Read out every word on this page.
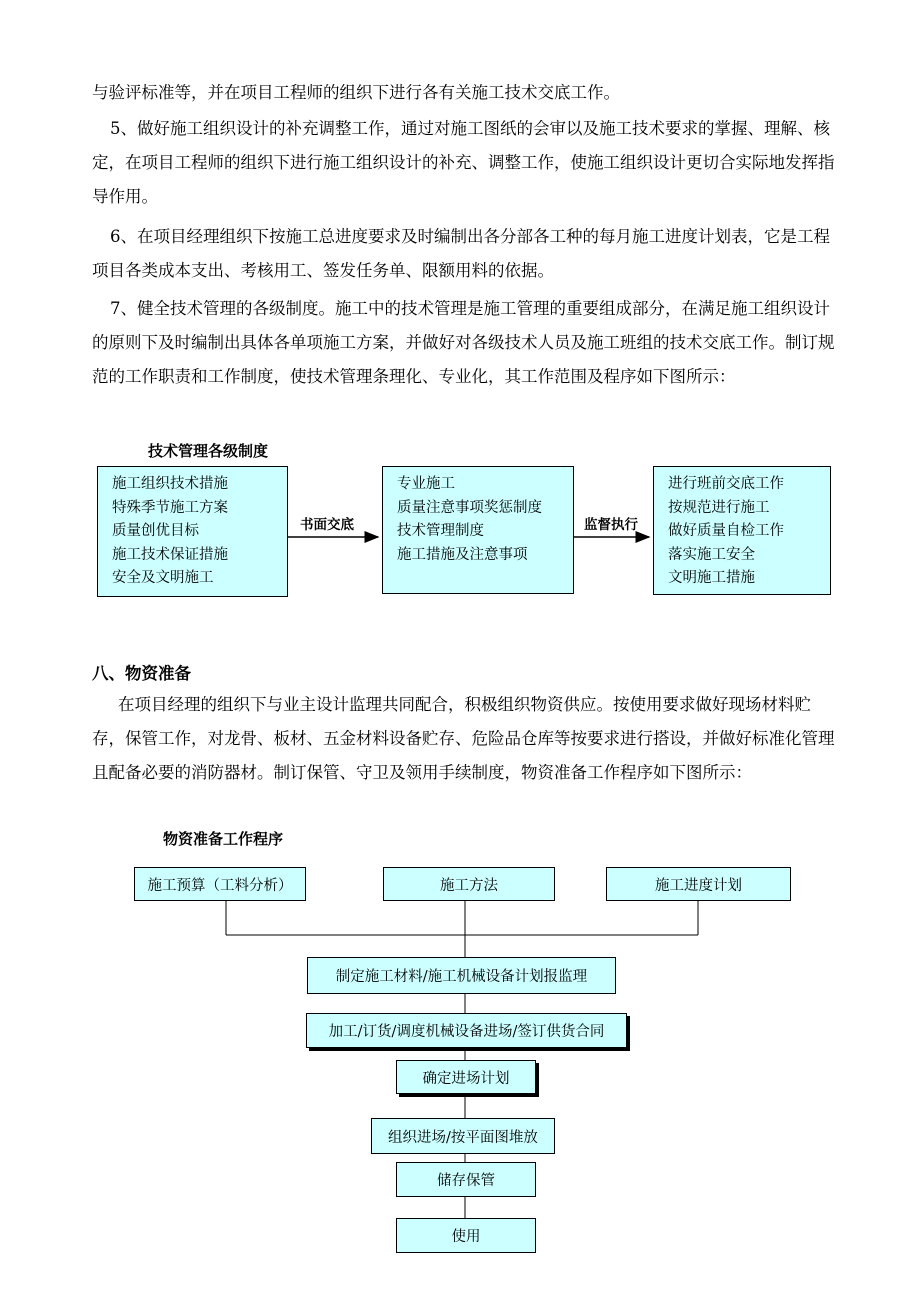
与验评标准等，并在项目工程师的组织下进行各有关施工技术交底工作。

5、做好施工组织设计的补充调整工作，通过对施工图纸的会审以及施工技术要求的掌握、理解、核定，在项目工程师的组织下进行施工组织设计的补充、调整工作，使施工组织设计更切合实际地发挥指导作用。

6、在项目经理组织下按施工总进度要求及时编制出各分部各工种的每月施工进度计划表，它是工程项目各类成本支出、考核用工、签发任务单、限额用料的依据。

7、健全技术管理的各级制度。施工中的技术管理是施工管理的重要组成部分，在满足施工组织设计的原则下及时编制出具体各单项施工方案，并做好对各级技术人员及施工班组的技术交底工作。制订规范的工作职责和工作制度，使技术管理条理化、专业化，其工作范围及程序如下图所示：

技术管理各级制度

施工组织技术措施
特殊季节施工方案
质量创优目标
施工技术保证措施
安全及文明施工

书面交底

专业施工
质量注意事项奖惩制度
技术管理制度
施工措施及注意事项

监督执行

进行班前交底工作
按规范进行施工
做好质量自检工作
落实施工安全
文明施工措施

八、物资准备

在项目经理的组织下与业主设计监理共同配合，积极组织物资供应。按使用要求做好现场材料贮存，保管工作，对龙骨、板材、五金材料设备贮存、危险品仓库等按要求进行搭设，并做好标准化管理且配备必要的消防器材。制订保管、守卫及领用手续制度，物资准备工作程序如下图所示：

物资准备工作程序

施工预算（工料分析）	施工方法	施工进度计划
制定施工材料/施工机械设备计划报监理
加工/订货/调度机械设备进场/签订供货合同
确定进场计划
组织进场/按平面图堆放
储存保管
使用
